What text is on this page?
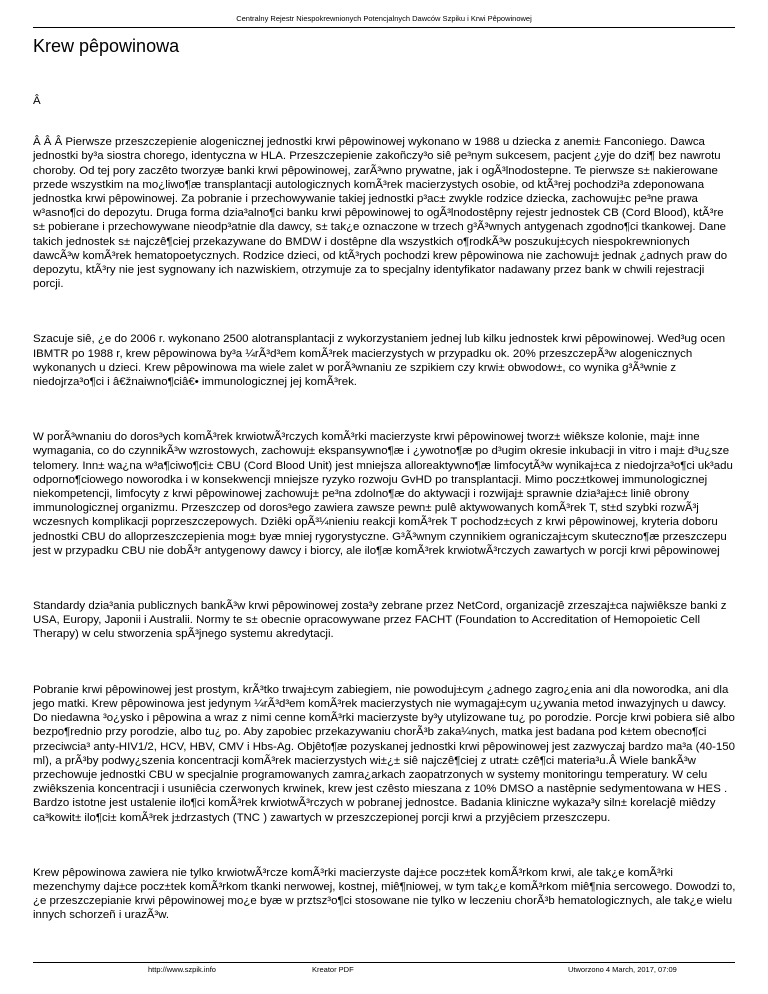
Centralny Rejestr Niespokrewnionych Potencjalnych Dawców Szpiku i Krwi Pêpowinowej
Krew pêpowinowa

Â

Â Â Â Pierwsze przeszczepienie alogenicznej jednostki krwi pêpowinowej wykonano w 1988 u dziecka z anemi± Fanconiego. Dawca jednostki by³a siostra chorego, identyczna w HLA. Przeszczepienie zakoñczy³o siê pe³nym sukcesem, pacjent ¿yje do dzi¶ bez nawrotu choroby. Od tej pory zaczêto tworzyæ banki krwi pêpowinowej, zarÃ³wno prywatne, jak i ogÃ³lnodostepne. Te pierwsze s± nakierowane przede wszystkim na mo¿liwo¶æ transplantacji autologicznych komÃ³rek macierzystych osobie, od ktÃ³rej pochodzi³a zdeponowana jednostka krwi pêpowinowej. Za pobranie i przechowywanie takiej jednostki p³ac± zwykle rodzice dziecka, zachowuj±c pe³ne prawa w³asno¶ci do depozytu. Druga forma dzia³alno¶ci banku krwi pêpowinowej to ogÃ³lnodostêpny rejestr jednostek CB (Cord Blood), ktÃ³re s± pobierane i przechowywane nieodp³atnie dla dawcy, s± tak¿e oznaczone w trzech g³Ã³wnych antygenach zgodno¶ci tkankowej. Dane takich jednostek s± najczê¶ciej przekazywane do BMDW i dostêpne dla wszystkich o¶rodkÃ³w poszukuj±cych niespokrewnionych dawcÃ³w komÃ³rek hematopoetycznych. Rodzice dzieci, od ktÃ³rych pochodzi krew pêpowinowa nie zachowuj± jednak ¿adnych praw do depozytu, ktÃ³ry nie jest sygnowany ich nazwiskiem, otrzymuje za to specjalny identyfikator nadawany przez bank w chwili rejestracji porcji.

Szacuje siê, ¿e do 2006 r. wykonano 2500 alotransplantacji z wykorzystaniem jednej lub kilku jednostek krwi pêpowinowej. Wed³ug ocen IBMTR po 1988 r, krew pêpowinowa by³a ¼rÃ³d³em komÃ³rek macierzystych w przypadku ok. 20% przeszczepÃ³w alogenicznych wykonanych u dzieci. Krew pêpowinowa ma wiele zalet w porÃ³wnaniu ze szpikiem czy krwi± obwodow±, co wynika g³Ã³wnie z niedojrza³o¶ci i â€žnaiwno¶ciâ€• immunologicznej jej komÃ³rek.

W porÃ³wnaniu do doros³ych komÃ³rek krwiotwÃ³rczych komÃ³rki macierzyste krwi pêpowinowej tworz± wiêksze kolonie, maj± inne wymagania, co do czynnikÃ³w wzrostowych, zachowuj± ekspansywno¶æ i ¿ywotno¶æ po d³ugim okresie inkubacji in vitro i maj± d³u¿sze telomery. Inn± wa¿na w³a¶ciwo¶ci± CBU (Cord Blood Unit) jest mniejsza alloreaktywno¶æ limfocytÃ³w wynikaj±ca z niedojrza³o¶ci uk³adu odporno¶ciowego noworodka i w konsekwencji mniejsze ryzyko rozwoju GvHD po transplantacji. Mimo pocz±tkowej immunologicznej niekompetencji, limfocyty z krwi pêpowinowej zachowuj± pe³na zdolno¶æ do aktywacji i rozwijaj± sprawnie dzia³aj±c± liniê obrony immunologicznej organizmu. Przeszczep od doros³ego zawiera zawsze pewn± pulê aktywowanych komÃ³rek T, st±d szybki rozwÃ³j wczesnych komplikacji poprzeszczepowych. Dziêki opÃ³¼nieniu reakcji komÃ³rek T pochodz±cych z krwi pêpowinowej, kryteria doboru jednostki CBU do alloprzeszczepienia mog± byæ mniej rygorystyczne. G³Ã³wnym czynnikiem ograniczaj±cym skuteczno¶æ przeszczepu jest w przypadku CBU nie dobÃ³r antygenowy dawcy i biorcy, ale ilo¶æ komÃ³rek krwiotwÃ³rczych zawartych w porcji krwi pêpowinowej

Standardy dzia³ania publicznych bankÃ³w krwi pêpowinowej zosta³y zebrane przez NetCord, organizacjê zrzeszaj±ca najwiêksze banki z USA, Europy, Japonii i Australii. Normy te s± obecnie opracowywane przez FACHT (Foundation to Accreditation of Hemopoietic Cell Therapy) w celu stworzenia spÃ³jnego systemu akredytacji.

Pobranie krwi pêpowinowej jest prostym, krÃ³tko trwaj±cym zabiegiem, nie powoduj±cym ¿adnego zagro¿enia ani dla noworodka, ani dla jego matki. Krew pêpowinowa jest jedynym ¼rÃ³d³em komÃ³rek macierzystych nie wymagaj±cym u¿ywania metod inwazyjnych u dawcy. Do niedawna ³o¿ysko i pêpowina a wraz z nimi cenne komÃ³rki macierzyste by³y utylizowane tu¿ po porodzie. Porcje krwi pobiera siê albo bezpo¶rednio przy porodzie, albo tu¿ po. Aby zapobiec przekazywaniu chorÃ³b zaka¼nych, matka jest badana pod k±tem obecno¶ci przeciwcia³ anty-HIV1/2, HCV, HBV, CMV i Hbs-Ag. Objêto¶æ pozyskanej jednostki krwi pêpowinowej jest zazwyczaj bardzo ma³a (40-150 ml), a prÃ³by podwy¿szenia koncentracji komÃ³rek macierzystych wi±¿± siê najczê¶ciej z utrat± czê¶ci materia³u.Â Wiele bankÃ³w przechowuje jednostki CBU w specjalnie programowanych zamra¿arkach zaopatrzonych w systemy monitoringu temperatury. W celu zwiêkszenia koncentracji i usuniêcia czerwonych krwinek, krew jest czêsto mieszana z 10% DMSO a nastêpnie sedymentowana w HES . Bardzo istotne jest ustalenie ilo¶ci komÃ³rek krwiotwÃ³rczych w pobranej jednostce. Badania kliniczne wykaza³y siln± korelacjê miêdzy ca³kowit± ilo¶ci± komÃ³rek j±drzastych (TNC ) zawartych w przeszczepionej porcji krwi a przyjêciem przeszczepu.

Krew pêpowinowa zawiera nie tylko krwiotwÃ³rcze komÃ³rki macierzyste daj±ce pocz±tek komÃ³rkom krwi, ale tak¿e komÃ³rki mezenchymy daj±ce pocz±tek komÃ³rkom tkanki nerwowej, kostnej, miê¶niowej, w tym tak¿e komÃ³rkom miê¶nia sercowego. Dowodzi to, ¿e przeszczepianie krwi pêpowinowej mo¿e byæ w prztsz³o¶ci stosowane nie tylko w leczeniu chorÃ³b hematologicznych, ale tak¿e wielu innych schorzeñ i urazÃ³w.

http://www.szpik.info	Kreator PDF	Utworzono 4 March, 2017, 07:09
